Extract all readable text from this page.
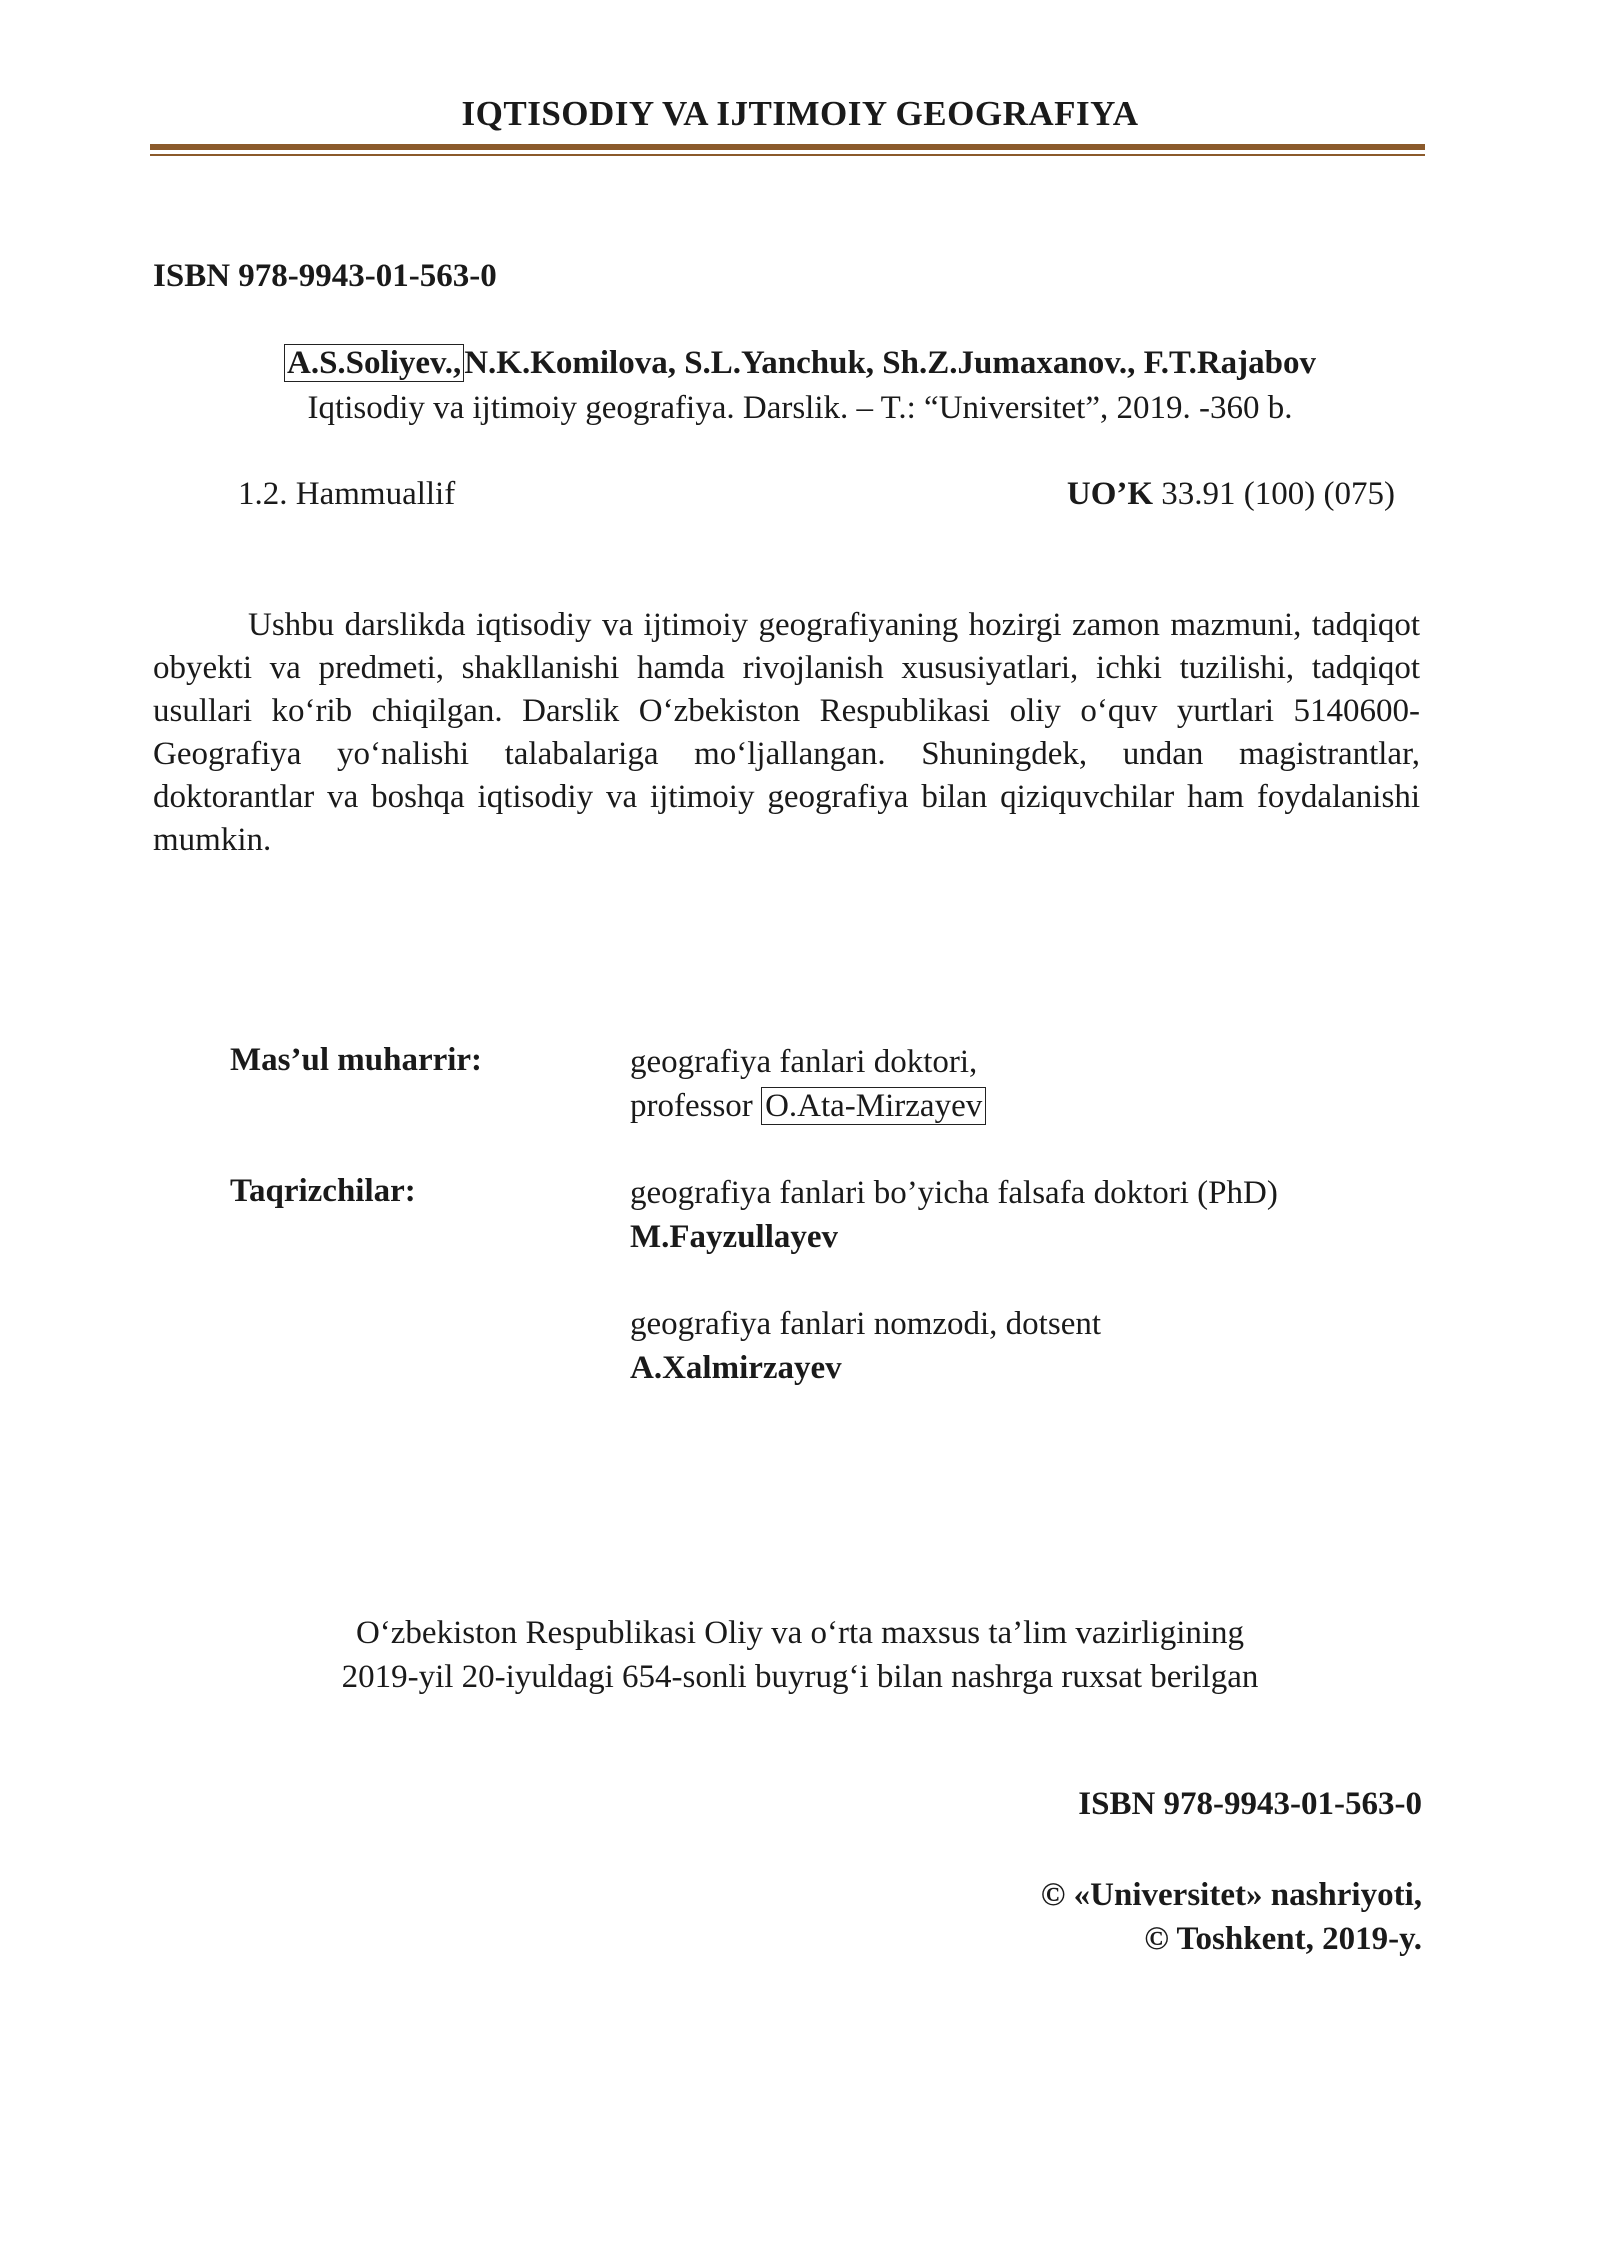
IQTISODIY VA IJTIMOIY GEOGRAFIYA
ISBN 978-9943-01-563-0
A.S.Soliyev.,N.K.Komilova, S.L.Yanchuk, Sh.Z.Jumaxanov., F.T.Rajabov
Iqtisodiy va ijtimoiy geografiya. Darslik. – T.: “Universitet”, 2019. -360 b.
1.2. Hammuallif	UO’K 33.91 (100) (075)

Ushbu darslikda iqtisodiy va ijtimoiy geografiyaning hozirgi zamon mazmuni, tadqiqot obyekti va predmeti, shakllanishi hamda rivojlanish xususiyatlari, ichki tuzilishi, tadqiqot usullari ko‘rib chiqilgan. Darslik O‘zbekiston Respublikasi oliy o‘quv yurtlari 5140600-Geografiya yo‘nalishi talabalariga mo‘ljallangan. Shuningdek, undan magistrantlar, doktorantlar va boshqa iqtisodiy va ijtimoiy geografiya bilan qiziquvchilar ham foydalanishi mumkin.

Mas’ul muharrir:	geografiya fanlari doktori,
professor O.Ata-Mirzayev
Taqrizchilar:	geografiya fanlari bo’yicha falsafa doktori (PhD)
M.Fayzullayev
geografiya fanlari nomzodi, dotsent
A.Xalmirzayev
O‘zbekiston Respublikasi Oliy va o‘rta maxsus ta’lim vazirligining
2019-yil 20-iyuldagi 654-sonli buyrug‘i bilan nashrga ruxsat berilgan
ISBN 978-9943-01-563-0
© «Universitet» nashriyoti,
© Toshkent, 2019-y.
